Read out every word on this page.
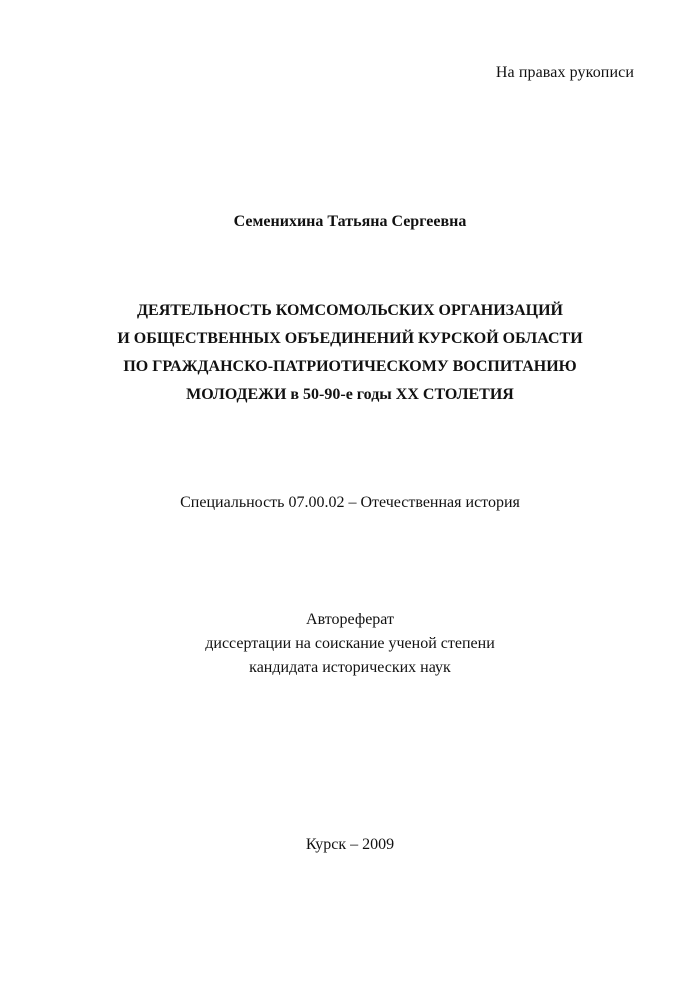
На правах рукописи
Семенихина Татьяна Сергеевна
ДЕЯТЕЛЬНОСТЬ КОМСОМОЛЬСКИХ ОРГАНИЗАЦИЙ
И ОБЩЕСТВЕННЫХ ОБЪЕДИНЕНИЙ КУРСКОЙ ОБЛАСТИ
ПО ГРАЖДАНСКО-ПАТРИОТИЧЕСКОМУ ВОСПИТАНИЮ
МОЛОДЕЖИ в 50-90-е годы XX СТОЛЕТИЯ
Специальность 07.00.02 – Отечественная история
Автореферат
диссертации на соискание ученой степени
кандидата исторических наук
Курск – 2009
